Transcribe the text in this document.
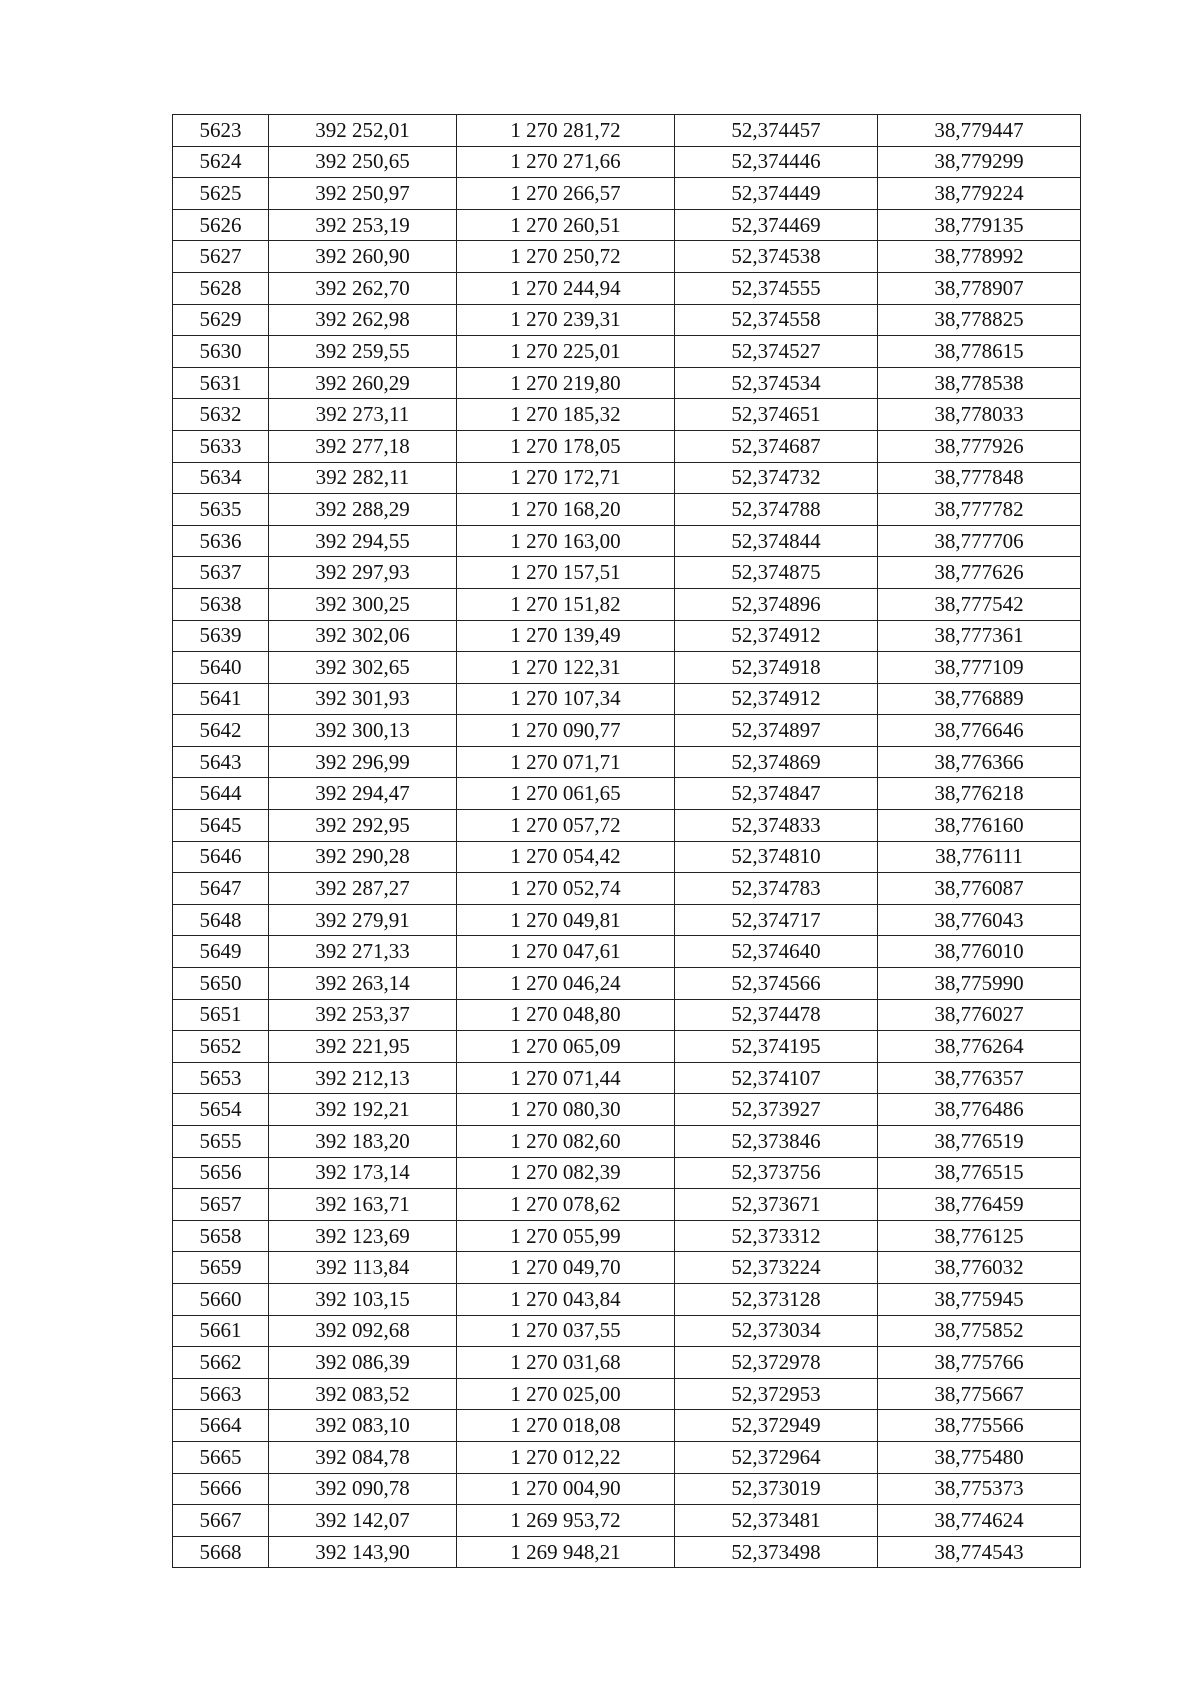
5623	392 252,01	1 270 281,72	52,374457	38,779447
5624	392 250,65	1 270 271,66	52,374446	38,779299
5625	392 250,97	1 270 266,57	52,374449	38,779224
5626	392 253,19	1 270 260,51	52,374469	38,779135
5627	392 260,90	1 270 250,72	52,374538	38,778992
5628	392 262,70	1 270 244,94	52,374555	38,778907
5629	392 262,98	1 270 239,31	52,374558	38,778825
5630	392 259,55	1 270 225,01	52,374527	38,778615
5631	392 260,29	1 270 219,80	52,374534	38,778538
5632	392 273,11	1 270 185,32	52,374651	38,778033
5633	392 277,18	1 270 178,05	52,374687	38,777926
5634	392 282,11	1 270 172,71	52,374732	38,777848
5635	392 288,29	1 270 168,20	52,374788	38,777782
5636	392 294,55	1 270 163,00	52,374844	38,777706
5637	392 297,93	1 270 157,51	52,374875	38,777626
5638	392 300,25	1 270 151,82	52,374896	38,777542
5639	392 302,06	1 270 139,49	52,374912	38,777361
5640	392 302,65	1 270 122,31	52,374918	38,777109
5641	392 301,93	1 270 107,34	52,374912	38,776889
5642	392 300,13	1 270 090,77	52,374897	38,776646
5643	392 296,99	1 270 071,71	52,374869	38,776366
5644	392 294,47	1 270 061,65	52,374847	38,776218
5645	392 292,95	1 270 057,72	52,374833	38,776160
5646	392 290,28	1 270 054,42	52,374810	38,776111
5647	392 287,27	1 270 052,74	52,374783	38,776087
5648	392 279,91	1 270 049,81	52,374717	38,776043
5649	392 271,33	1 270 047,61	52,374640	38,776010
5650	392 263,14	1 270 046,24	52,374566	38,775990
5651	392 253,37	1 270 048,80	52,374478	38,776027
5652	392 221,95	1 270 065,09	52,374195	38,776264
5653	392 212,13	1 270 071,44	52,374107	38,776357
5654	392 192,21	1 270 080,30	52,373927	38,776486
5655	392 183,20	1 270 082,60	52,373846	38,776519
5656	392 173,14	1 270 082,39	52,373756	38,776515
5657	392 163,71	1 270 078,62	52,373671	38,776459
5658	392 123,69	1 270 055,99	52,373312	38,776125
5659	392 113,84	1 270 049,70	52,373224	38,776032
5660	392 103,15	1 270 043,84	52,373128	38,775945
5661	392 092,68	1 270 037,55	52,373034	38,775852
5662	392 086,39	1 270 031,68	52,372978	38,775766
5663	392 083,52	1 270 025,00	52,372953	38,775667
5664	392 083,10	1 270 018,08	52,372949	38,775566
5665	392 084,78	1 270 012,22	52,372964	38,775480
5666	392 090,78	1 270 004,90	52,373019	38,775373
5667	392 142,07	1 269 953,72	52,373481	38,774624
5668	392 143,90	1 269 948,21	52,373498	38,774543
